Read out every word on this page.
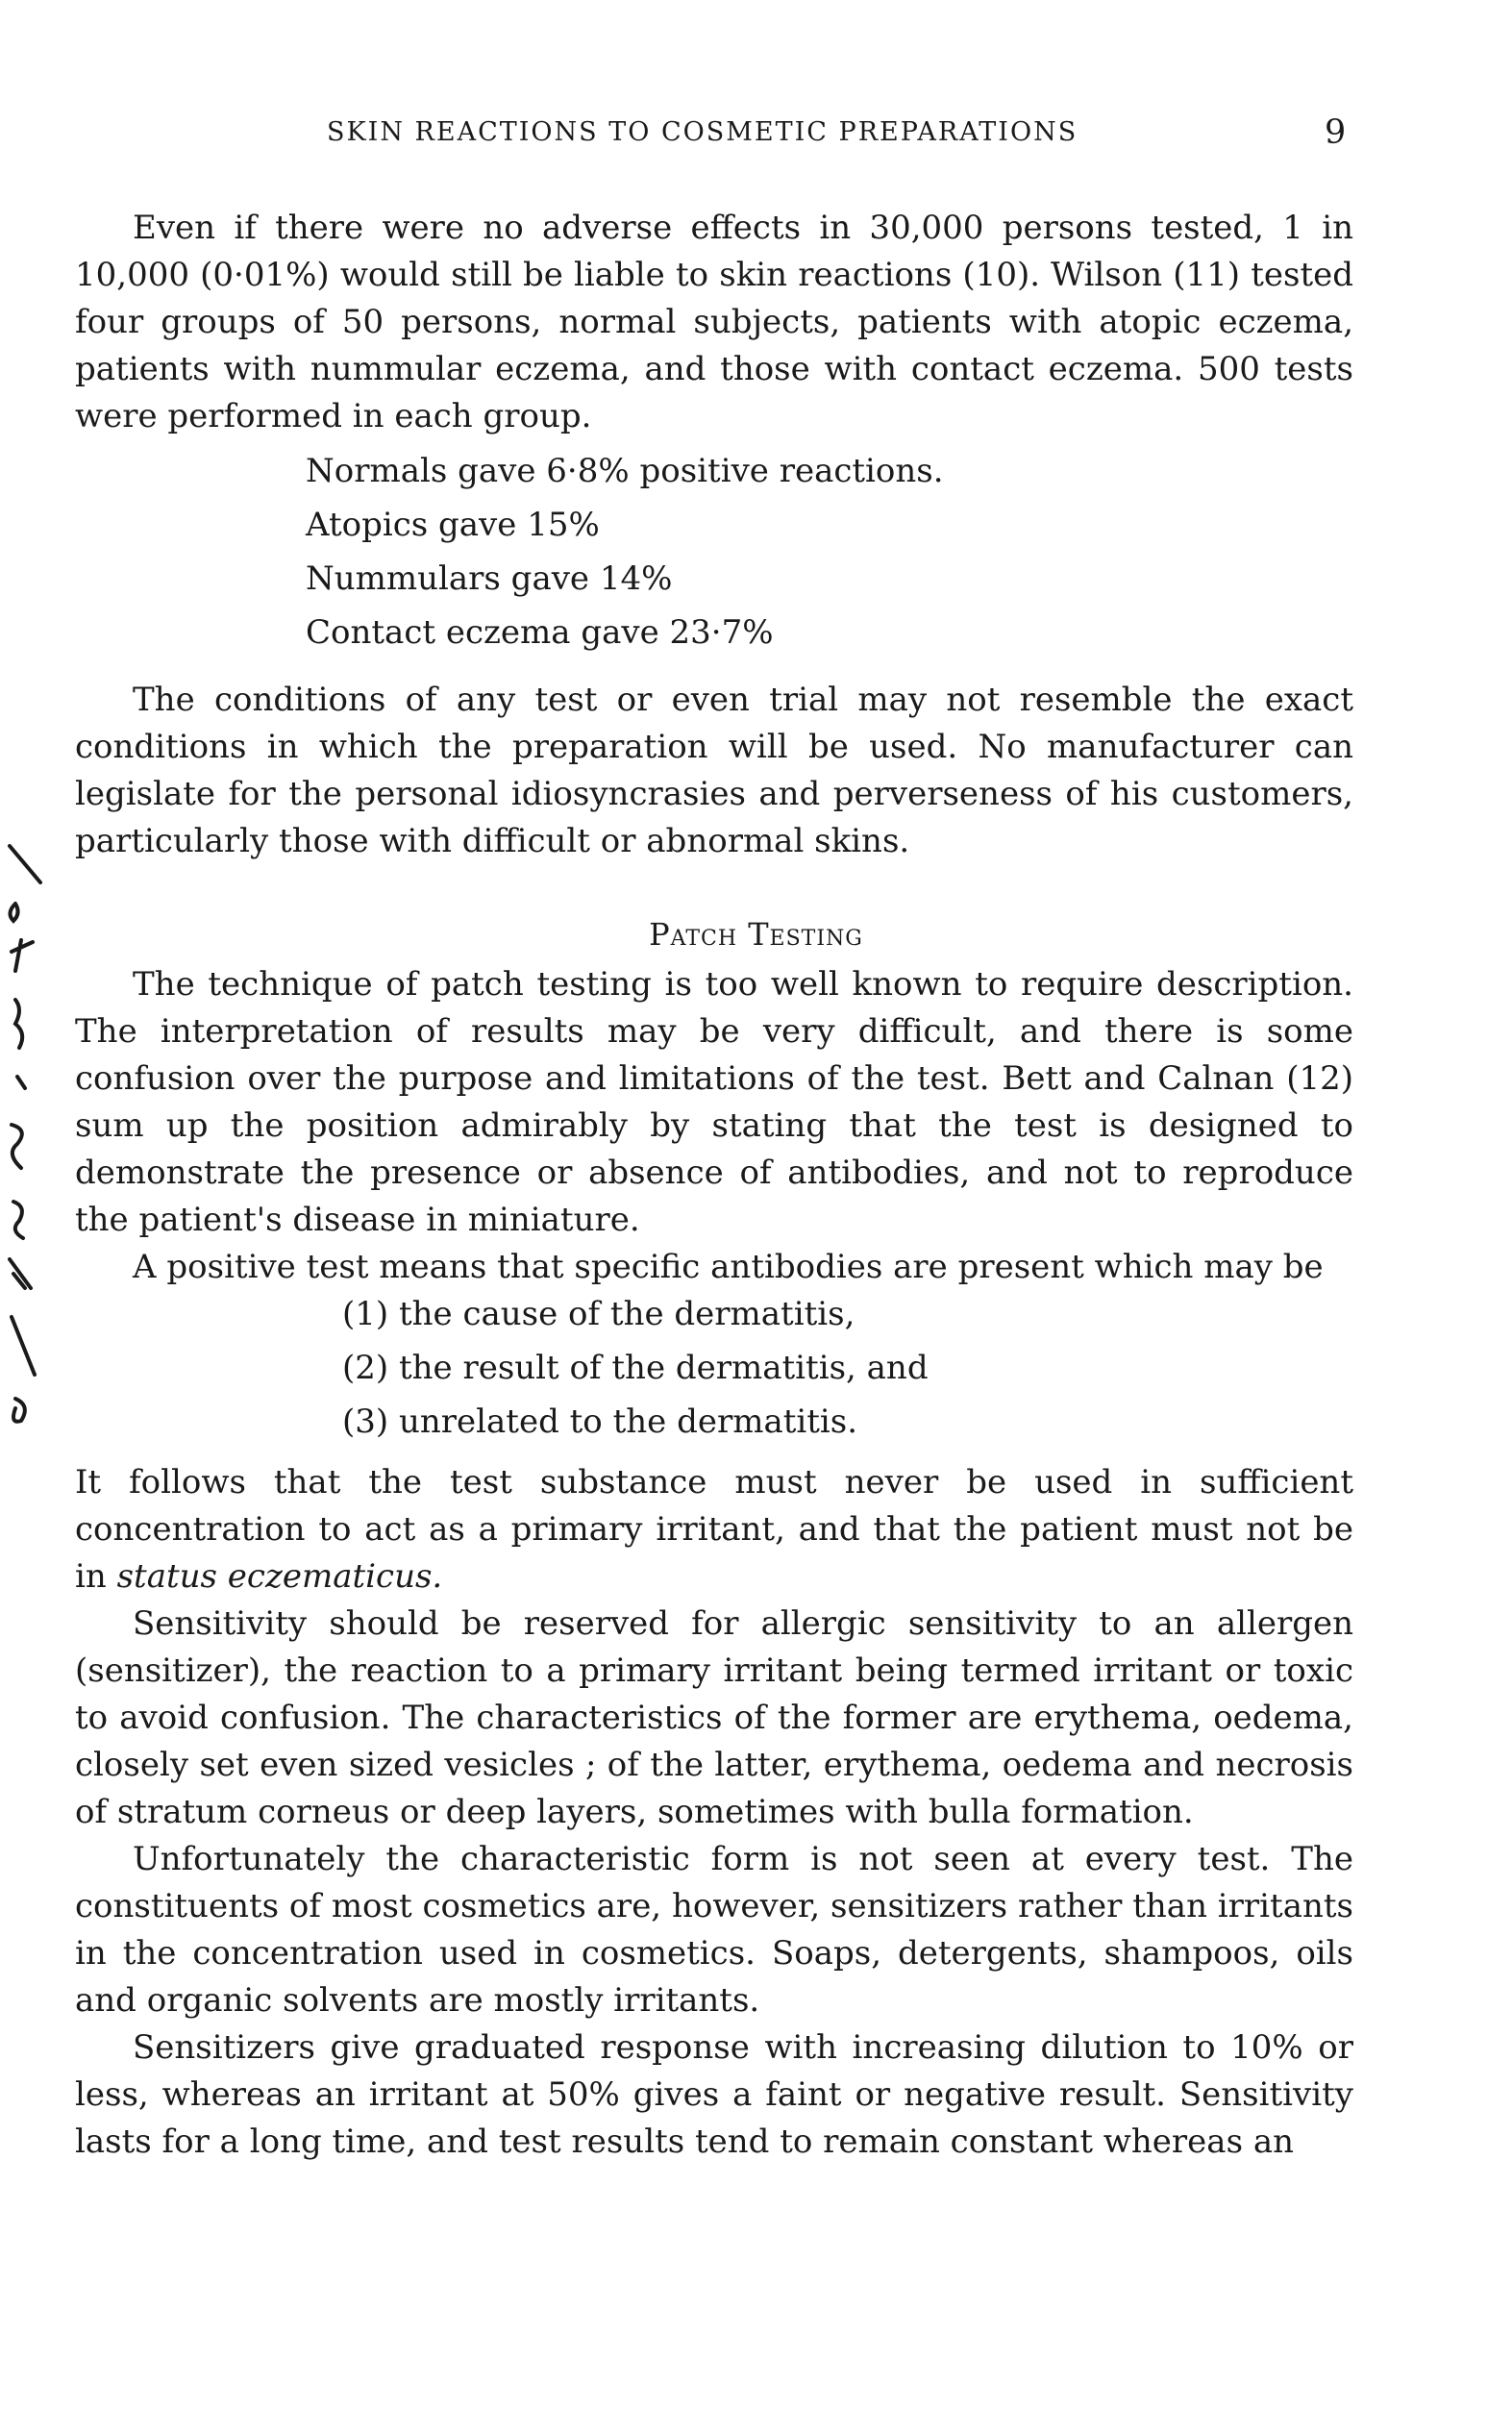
SKIN REACTIONS TO COSMETIC PREPARATIONS	9

Even if there were no adverse effects in 30,000 persons tested, 1 in 10,000 (0·01%) would still be liable to skin reactions (10). Wilson (11) tested four groups of 50 persons, normal subjects, patients with atopic eczema, patients with nummular eczema, and those with contact eczema. 500 tests were performed in each group.

Normals gave 6·8% positive reactions.
Atopics gave 15%
Nummulars gave 14%
Contact eczema gave 23·7%

The conditions of any test or even trial may not resemble the exact conditions in which the preparation will be used. No manufacturer can legislate for the personal idiosyncrasies and perverseness of his customers, particularly those with difficult or abnormal skins.

Patch Testing

The technique of patch testing is too well known to require description. The interpretation of results may be very difficult, and there is some confusion over the purpose and limitations of the test. Bett and Calnan (12) sum up the position admirably by stating that the test is designed to demonstrate the presence or absence of antibodies, and not to reproduce the patient's disease in miniature.

A positive test means that specific antibodies are present which may be

(1) the cause of the dermatitis,
(2) the result of the dermatitis, and
(3) unrelated to the dermatitis.

It follows that the test substance must never be used in sufficient concentration to act as a primary irritant, and that the patient must not be in status eczematicus.

Sensitivity should be reserved for allergic sensitivity to an allergen (sensitizer), the reaction to a primary irritant being termed irritant or toxic to avoid confusion. The characteristics of the former are erythema, oedema, closely set even sized vesicles ; of the latter, erythema, oedema and necrosis of stratum corneus or deep layers, sometimes with bulla formation.

Unfortunately the characteristic form is not seen at every test. The constituents of most cosmetics are, however, sensitizers rather than irritants in the concentration used in cosmetics. Soaps, detergents, shampoos, oils and organic solvents are mostly irritants.

Sensitizers give graduated response with increasing dilution to 10% or less, whereas an irritant at 50% gives a faint or negative result. Sensitivity lasts for a long time, and test results tend to remain constant whereas an
